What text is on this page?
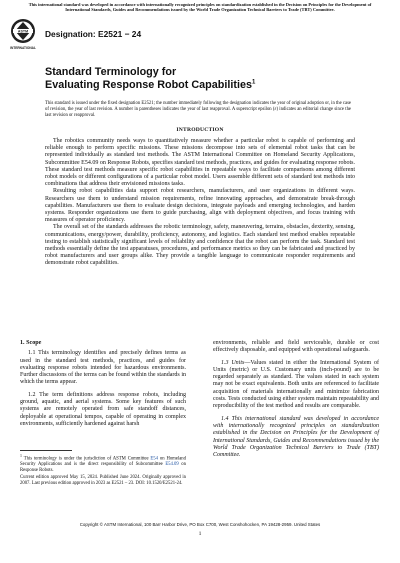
This international standard was developed in accordance with internationally recognized principles on standardization established in the Decision on Principles for the Development of International Standards, Guides and Recommendations issued by the World Trade Organization Technical Barriers to Trade (TBT) Committee.
ASTM
INTERNATIONAL
Designation: E2521 − 24
Standard Terminology for
Evaluating Response Robot Capabilities$^1$
This standard is issued under the fixed designation E2521; the number immediately following the designation indicates the year of original adoption or, in the case of revision, the year of last revision. A number in parentheses indicates the year of last reapproval. A superscript epsilon (ε) indicates an editorial change since the last revision or reapproval.
INTRODUCTION

The robotics community needs ways to quantitatively measure whether a particular robot is capable of performing and reliable enough to perform specific missions. These missions decompose into sets of elemental robot tasks that can be represented individually as standard test methods. The ASTM International Committee on Homeland Security Applications, Subcommittee E54.09 on Response Robots, specifies standard test methods, practices, and guides for evaluating response robots. These standard test methods measure specific robot capabilities in repeatable ways to facilitate comparisons among different robot models or different configurations of a particular robot model. Users assemble different sets of standard test methods into combinations that address their envisioned missions tasks.

Resulting robot capabilities data support robot researchers, manufacturers, and user organizations in different ways. Researchers use them to understand mission requirements, refine innovating approaches, and demonstrate break-through capabilities. Manufacturers use them to evaluate design decisions, integrate payloads and emerging technologies, and harden systems. Responder organizations use them to guide purchasing, align with deployment objectives, and focus training with measures of operator proficiency.

The overall set of the standards addresses the robotic terminology, safety, maneuvering, terrains, obstacles, dexterity, sensing, communications, energy/power, durability, proficiency, autonomy, and logistics. Each standard test method enables repeatable testing to establish statistically significant levels of reliability and confidence that the robot can perform the task. Standard test methods essentially define the test apparatuses, procedures, and performance metrics so they can be fabricated and practiced by robot manufacturers and user groups alike. They provide a tangible language to communicate responder requirements and demonstrate robot capabilities.

1. Scope

1.1 This terminology identifies and precisely defines terms as used in the standard test methods, practices, and guides for evaluating response robots intended for hazardous environments. Further discussions of the terms can be found within the standards in which the terms appear.

1.2 The term definitions address response robots, including ground, aquatic, and aerial systems. Some key features of such systems are remotely operated from safe standoff distances, deployable at operational tempos, capable of operating in complex environments, sufficiently hardened against harsh

environments, reliable and field serviceable, durable or cost effectively disposable, and equipped with operational safeguards.

1.3 Units—Values stated in either the International System of Units (metric) or U.S. Customary units (inch-pound) are to be regarded separately as standard. The values stated in each system may not be exact equivalents. Both units are referenced to facilitate acquisition of materials internationally and minimize fabrication costs. Tests conducted using either system maintain repeatability and reproducibility of the test method and results are comparable.

1.4 This international standard was developed in accordance with internationally recognized principles on standardization established in the Decision on Principles for the Development of International Standards, Guides and Recommendations issued by the World Trade Organization Technical Barriers to Trade (TBT) Committee.

$^1$ This terminology is under the jurisdiction of ASTM Committee E54 on Homeland Security Applications and is the direct responsibility of Subcommittee E54.09 on Response Robots.

Current edition approved May 15, 2024. Published June 2024. Originally approved in 2007. Last previous edition approved in 2023 as E2521 – 23. DOI: 10.1520/E2521-24.

Copyright © ASTM International, 100 Barr Harbor Drive, PO Box C700, West Conshohocken, PA 19428-2959. United States
1
